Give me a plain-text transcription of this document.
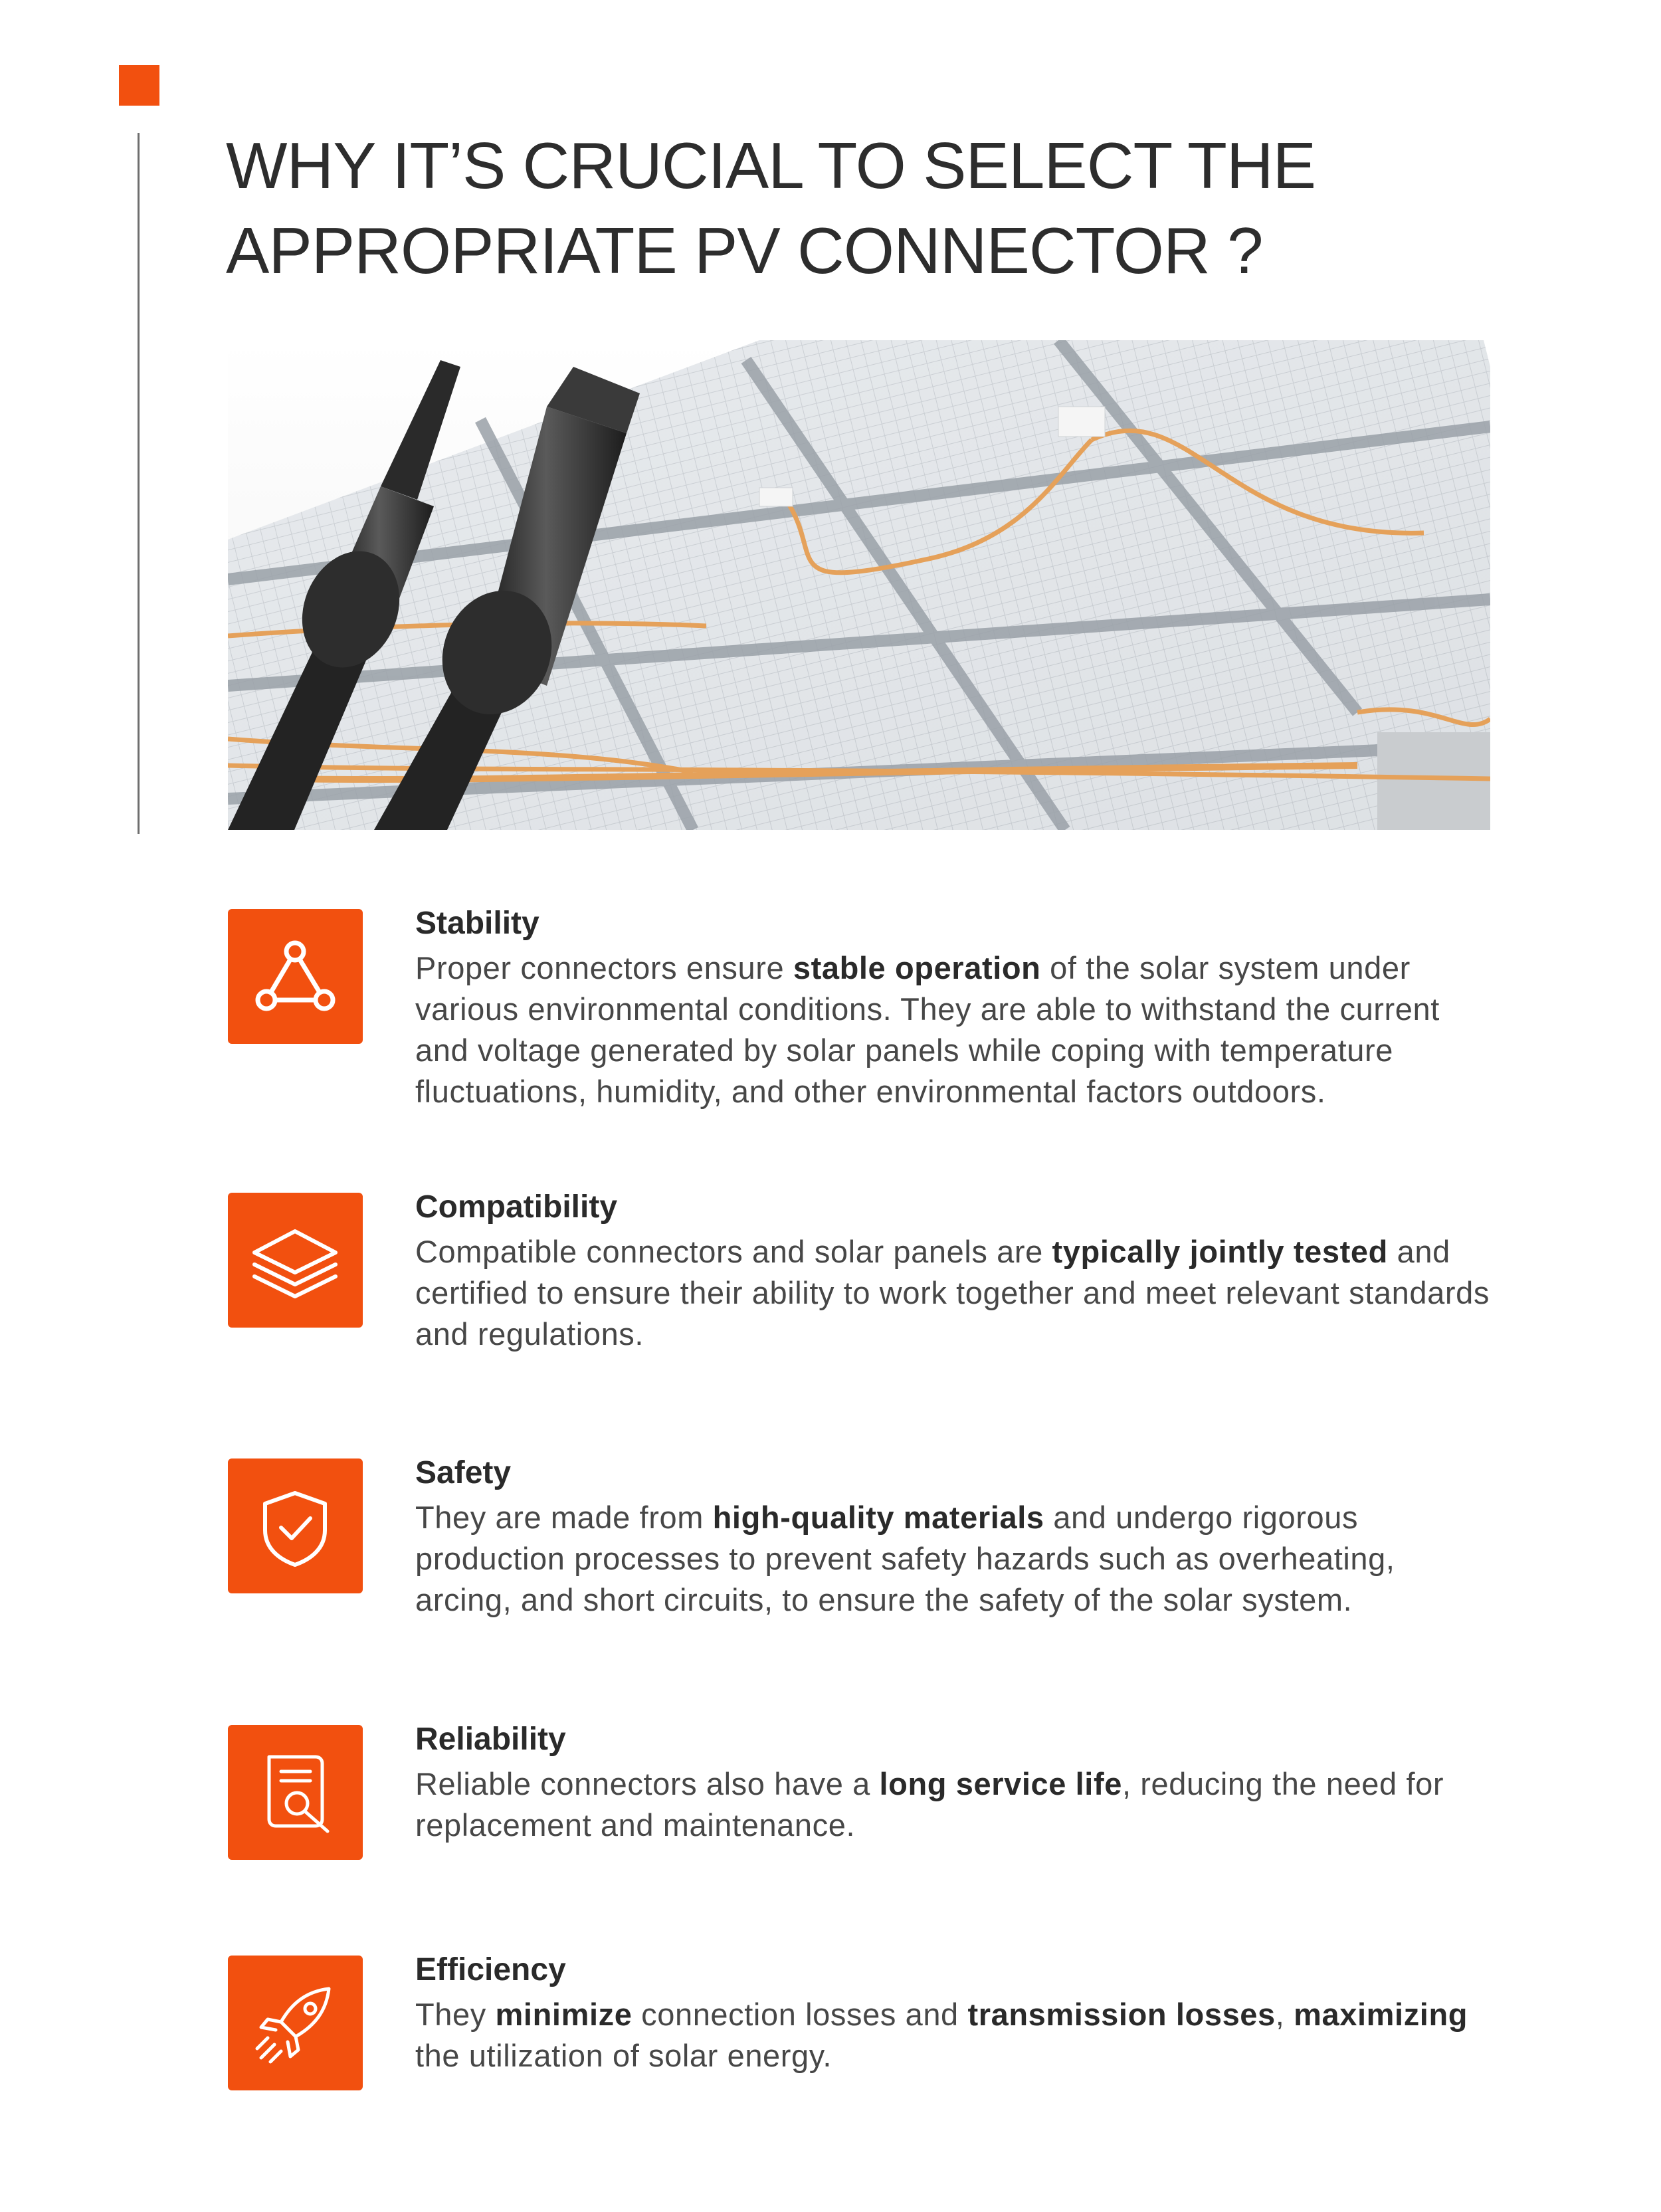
WHY IT’S CRUCIAL TO SELECT THE
APPROPRIATE PV CONNECTOR ?
Stability

Proper connectors ensure stable operation of the solar system under various environmental conditions. They are able to withstand the current and voltage generated by solar panels while coping with temperature fluctuations, humidity, and other environmental factors outdoors.

Compatibility

Compatible connectors and solar panels are typically jointly tested and certified to ensure their ability to work together and meet relevant standards and regulations.

Safety

They are made from high-quality materials and undergo rigorous production processes to prevent safety hazards such as overheating, arcing, and short circuits, to ensure the safety of the solar system.

Reliability

Reliable connectors also have a long service life, reducing the need for replacement and maintenance.

Efficiency

They minimize connection losses and transmission losses, maximizing the utilization of solar energy.
